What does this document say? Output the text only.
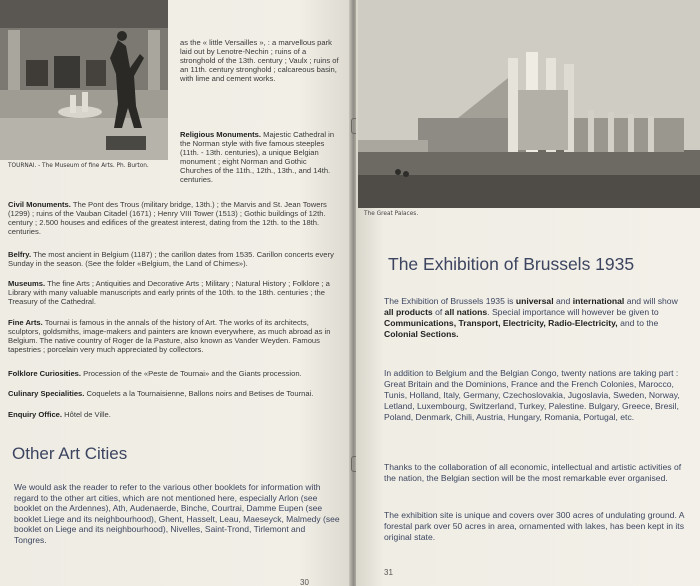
TOURNAI. - The Museum of fine Arts. Ph. Burton.
as the « little Versailles », : a marvellous park laid out by Lenotre-Nechin ; ruins of a stronghold of the 13th. century ; Vaulx ; ruins of an 11th. century stronghold ; calcareous basin, with lime and cement works.
Religious Monuments. Majestic Cathedral in the Norman style with five famous steeples (11th. - 13th. centuries), a unique Belgian monument ; eight Norman and Gothic Churches of the 11th., 12th., 13th., and 14th. centuries.
Civil Monuments. The Pont des Trous (military bridge, 13th.) ; the Marvis and St. Jean Towers (1299) ; ruins of the Vauban Citadel (1671) ; Henry VIII Tower (1513) ; Gothic buildings of 12th. century ; 2.500 houses and edifices of the greatest interest, dating from the 12th. to the 18th. centuries.
Belfry. The most ancient in Belgium (1187) ; the carillon dates from 1535. Carillon concerts every Sunday in the season. (See the folder «Belgium, the Land of Chimes»).
Museums. The fine Arts ; Antiquities and Decorative Arts ; Military ; Natural History ; Folklore ; a Library with many valuable manuscripts and early prints of the 10th. to the 18th. centuries ; the Treasury of the Cathedral.
Fine Arts. Tournai is famous in the annals of the history of Art. The works of its architects, sculptors, goldsmiths, image-makers and painters are known everywhere, as much abroad as in Belgium. The native country of Roger de la Pasture, also known as Vander Weyden. Famous tapestries ; porcelain very much appreciated by collectors.
Folklore Curiosities. Procession of the «Peste de Tournai» and the Giants procession.
Culinary Specialities. Coquelets a la Tournaisienne, Ballons noirs and Betises de Tournai.
Enquiry Office. Hôtel de Ville.
Other Art Cities
We would ask the reader to refer to the various other booklets for information with regard to the other art cities, which are not mentioned here, especially Arlon (see booklet on the Ardennes), Ath, Audenaerde, Binche, Courtrai, Damme Eupen (see booklet Liege and its neighbourhood), Ghent, Hasselt, Leau, Maeseyck, Malmedy (see booklet on Liege and its neighbourhood), Nivelles, Saint-Trond, Tirlemont and Tongres.
30
The Great Palaces.
The Exhibition of Brussels 1935
The Exhibition of Brussels 1935 is universal and international and will show all products of all nations. Special importance will however be given to Communications, Transport, Electricity, Radio-Electricity, and to the Colonial Sections.
In addition to Belgium and the Belgian Congo, twenty nations are taking part : Great Britain and the Dominions, France and the French Colonies, Marocco, Tunis, Holland, Italy, Germany, Czechoslovakia, Jugoslavia, Sweden, Norway, Letland, Luxembourg, Switzerland, Turkey, Palestine. Bulgary, Greece, Bresil, Poland, Denmark, Chili, Austria, Hungary, Romania, Portugal, etc.
Thanks to the collaboration of all economic, intellectual and artistic activities of the nation, the Belgian section will be the most remarkable ever organised.
The exhibition site is unique and covers over 300 acres of undulating ground. A forestal park over 50 acres in area, ornamented with lakes, has been kept in its original state.
31
